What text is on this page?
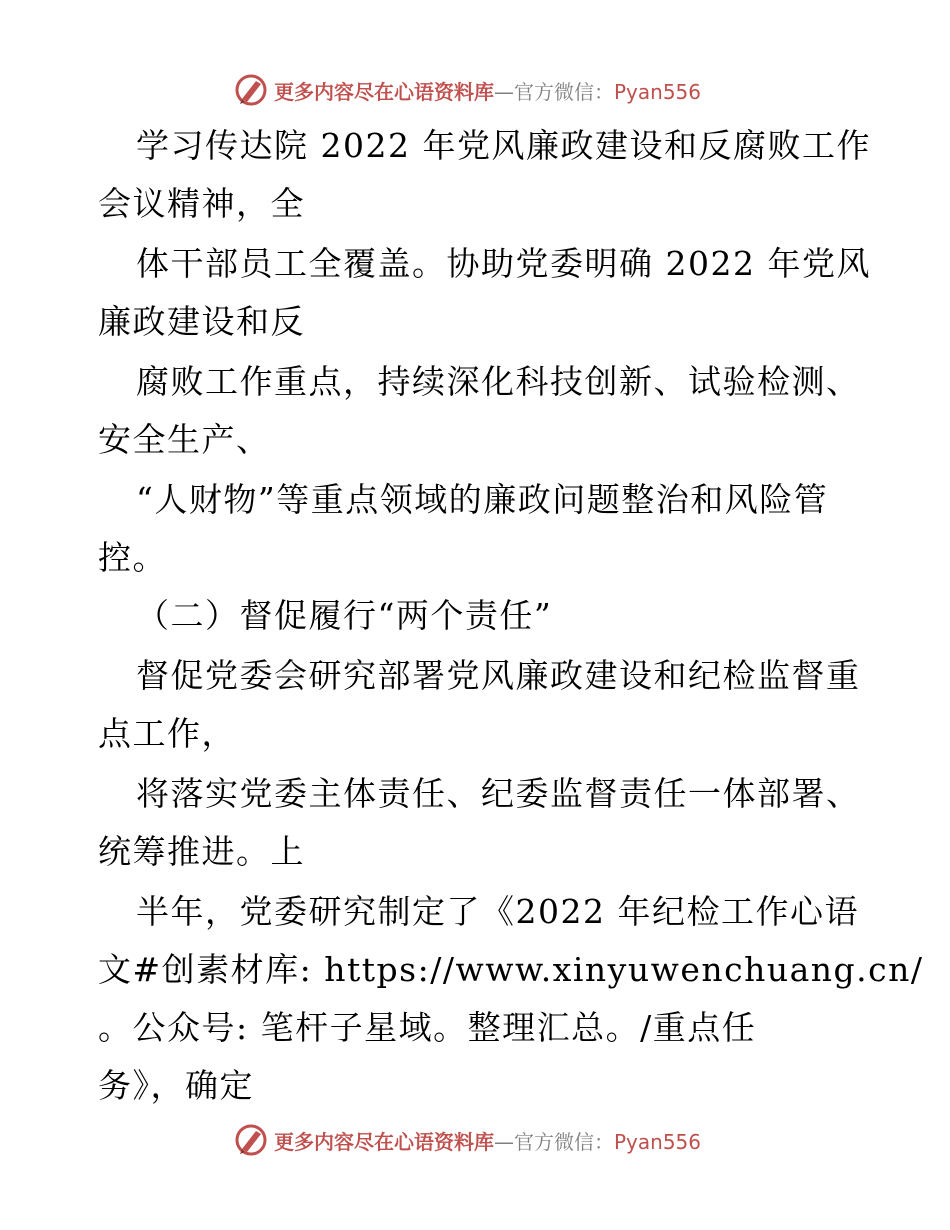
更多内容尽在心语资料库—官方微信：Pyan556
学习传达院 2022 年党风廉政建设和反腐败工作
会议精神，全
体干部员工全覆盖。协助党委明确 2022 年党风
廉政建设和反
腐败工作重点，持续深化科技创新、试验检测、
安全生产、
“人财物”等重点领域的廉政问题整治和风险管
控。
（二）督促履行“两个责任”
督促党委会研究部署党风廉政建设和纪检监督重
点工作，
将落实党委主体责任、纪委监督责任一体部署、
统筹推进。上
半年，党委研究制定了《2022 年纪检工作心语
文#创素材库: https://www.xinyuwenchuang.cn/
。公众号: 笔杆子星域。整理汇总。/重点任
务》，确定
更多内容尽在心语资料库—官方微信：Pyan556
